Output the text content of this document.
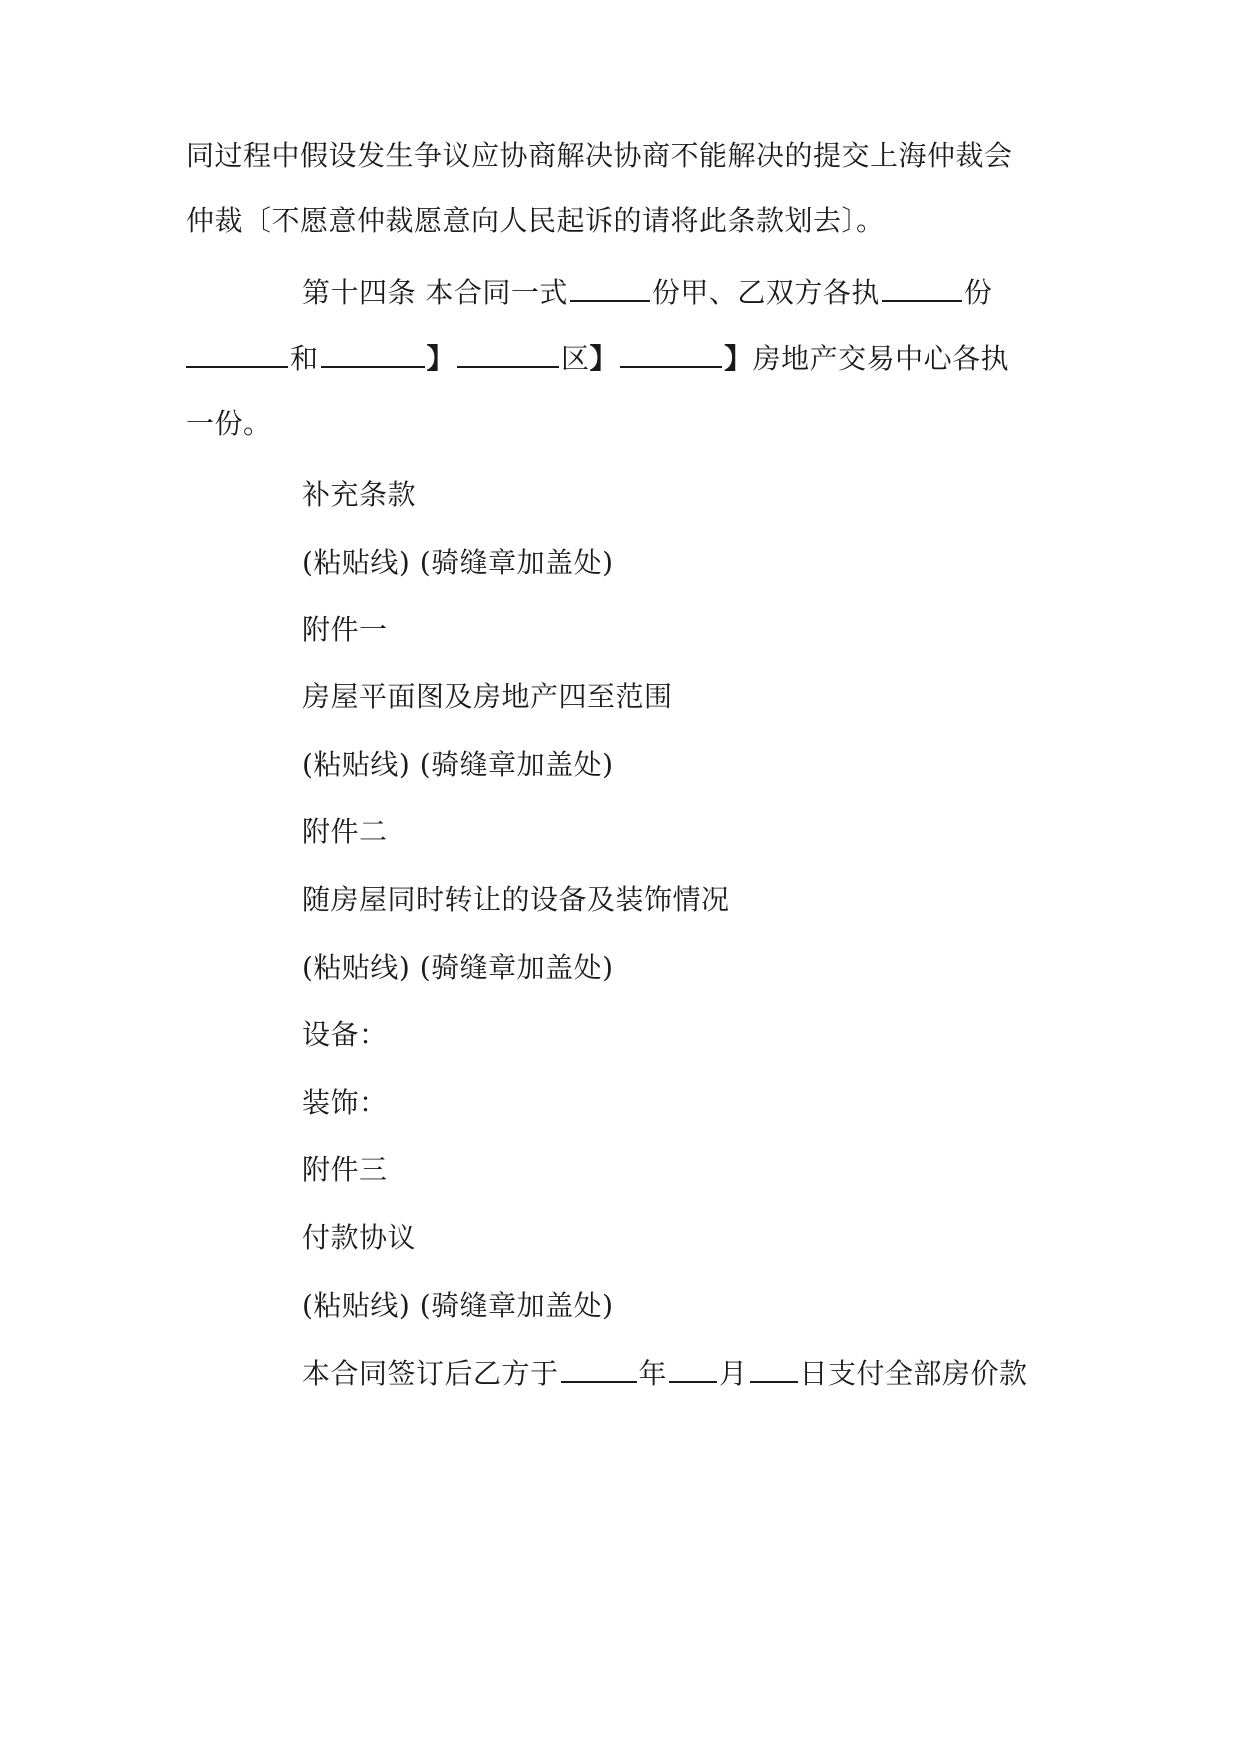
同过程中假设发生争议应协商解决协商不能解决的提交上海仲裁会
仲裁〔不愿意仲裁愿意向人民起诉的请将此条款划去〕。
第十四条 本合同一式	份甲、乙双方各执	份
和	】	区】	】房地产交易中心各执
一份。
补充条款
(粘贴线) (骑缝章加盖处)
附件一
房屋平面图及房地产四至范围
(粘贴线) (骑缝章加盖处)
附件二
随房屋同时转让的设备及装饰情况
(粘贴线) (骑缝章加盖处)
设备：
装饰：
附件三
付款协议
(粘贴线) (骑缝章加盖处)
本合同签订后乙方于	年 月 日支付全部房价款
